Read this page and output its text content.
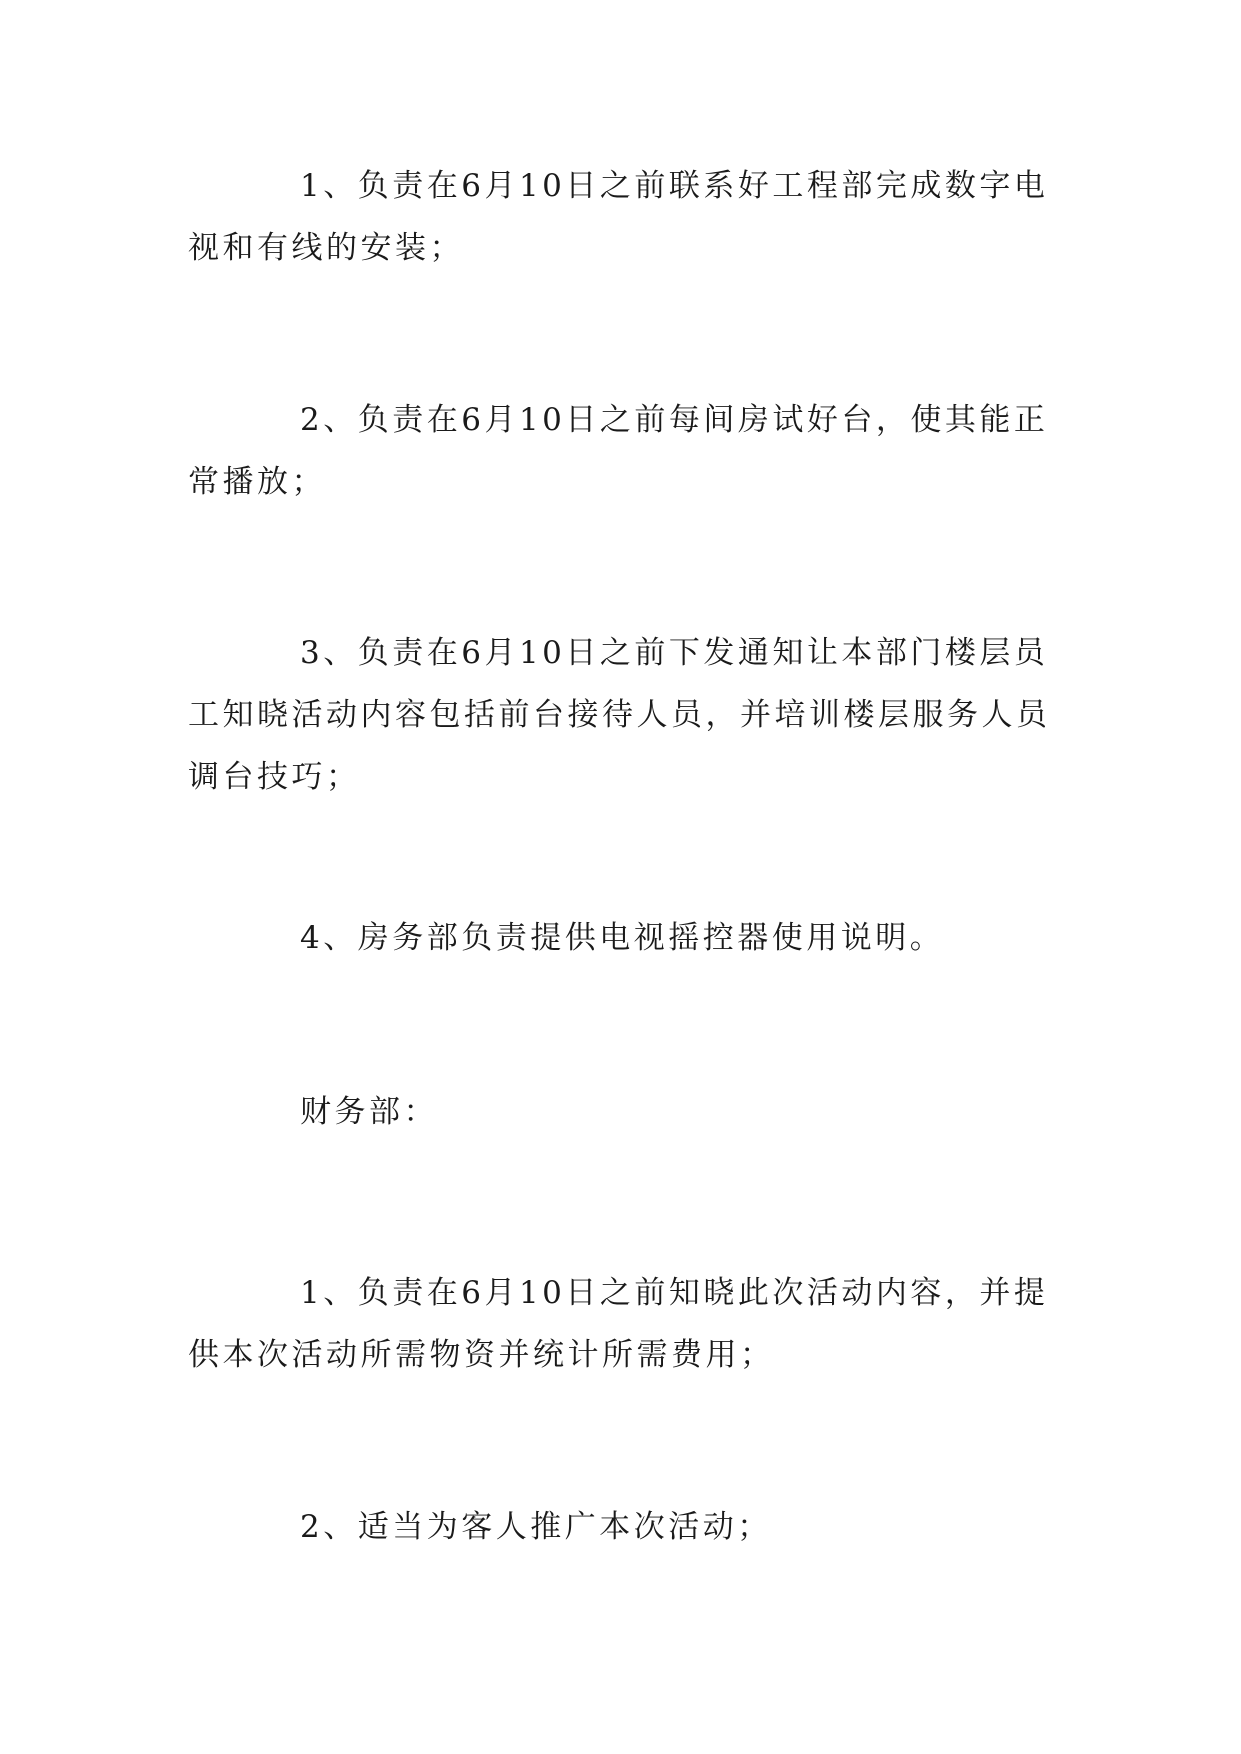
1、负责在6月10日之前联系好工程部完成数字电视和有线的安装；

2、负责在6月10日之前每间房试好台，使其能正常播放；

3、负责在6月10日之前下发通知让本部门楼层员工知晓活动内容包括前台接待人员，并培训楼层服务人员调台技巧；

4、房务部负责提供电视摇控器使用说明。

财务部：

1、负责在6月10日之前知晓此次活动内容，并提供本次活动所需物资并统计所需费用；

2、适当为客人推广本次活动；
